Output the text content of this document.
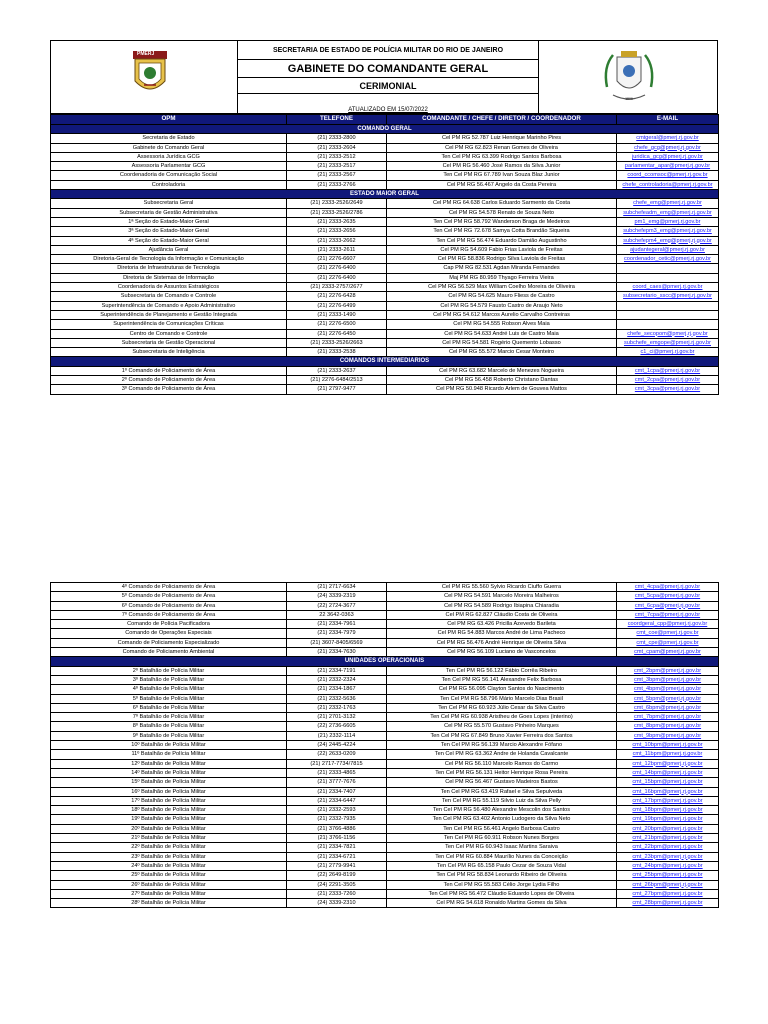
PMERJ
SECRETARIA DE ESTADO DE POLÍCIA MILITAR DO RIO DE JANEIRO
GABINETE DO COMANDANTE GERAL
CERIMONIAL
ATUALIZADO EM 15/07/2022
1809
OPM	TELEFONE	COMANDANTE / CHEFE / DIRETOR / COORDENADOR	E-MAIL
COMANDO GERAL			
Secretaria de Estado	(21) 2333-2800	Cel PM RG 52.787 Luiz Henrique Marinho Pires	cmtgeral@pmerj.rj.gov.br
Gabinete do Comando Geral	(21) 2333-2604	Cel PM RG 62.823 Renan Gomes de Oliveira	chefe_gcg@pmerj.rj.gov.br
Assessoria Jurídica GCG	(21) 2333-2512	Ten Cel PM RG 63.399 Rodrigo Santos Barbosa	juridica_gcg@pmerj.rj.gov.br
Assessoria Parlamentar GCG	(21) 2333-2517	Cel PM RG 56.460 José Ramos da Silva Junior	parlamentar_apar@pmerj.rj.gov.br
Coordenadoria de Comunicação Social	(21) 2333-2567	Ten Cel PM RG 67.789 Ivan Souza Blaz Junior	coord_ccomsoc@pmerj.rj.gov.br
Controladoria	(21) 2333-2766	Cel PM RG 56.467 Angelo da Costa Pereira	chefe_controladoria@pmerj.rj.gov.br
ESTADO MAIOR GERAL			
Subsecretaria Geral	(21) 2333-2526/2649	Cel PM RG 64.638 Carlos Eduardo Sarmento da Costa	chefe_emg@pmerj.rj.gov.br
Subsecretaria de Gestão Administrativa	(21) 2333-2526/2786	Cel PM RG 54.578 Renato de Souza Neto	subchefeadm_emg@pmerj.rj.gov.br
1ª Seção do Estado-Maior Geral	(21) 2333-2635	Ten Cel PM RG 58.792 Wanderson Braga de Medeiros	pm1_emg@pmerj.rj.gov.br
3ª Seção do Estado-Maior Geral	(21) 2333-2656	Ten Cel PM RG 72.678 Samya Cotta Brandão Siqueira	subchefepm3_emg@pmerj.rj.gov.br
4ª Seção do Estado-Maior Geral	(21) 2333-2662	Ten Cel PM RG 56.474 Eduardo Damião Augustinho	subchefepm4_emg@pmerj.rj.gov.br
Ajudância Geral	(21) 2333-2611	Cel PM RG 54.609 Fabio Frias Laviola de Freitas	ajudantegeral@pmerj.rj.gov.br
Diretoria-Geral de Tecnologia da Informação e Comunicação	(21) 2276-6607	Cel PM RG 58.836 Rodrigo Silva Laviola de Freitas	coordenador_cetic@pmerj.rj.gov.br
Diretoria de Infraestruturas de Tecnologia	(21) 2276-6400	Cap PM RG 82.531 Agdan Miranda Fernandes	
Diretoria de Sistemas de Informação	(21) 2276-6400	Maj PM RG 80.959 Thyago Ferreira Vieira	
Coordenadoria de Assuntos Estratégicos	(21) 2333-2757/2677	Cel PM RG 56.529 Max William Coelho Moreira de Oliveira	coord_caes@pmerj.rj.gov.br
Subsecretaria de Comando e Controle	(21) 2276-6428	Cel PM RG 54.625 Mauro Fliess de Castro	subsecretario_sscc@pmerj.rj.gov.br
Superintendência de Comando e Apoio Administrativo	(21) 2276-6499	Cel PM RG 54.579 Fausto Castro de Araujo Neto	
Superintendência de Planejamento e Gestão Integrada	(21) 2333-1490	Cel PM RG 54.612 Marcos Aurelio Carvalho Contreiras	
Superintendência de Comunicações Críticas	(21) 2276-6500	Cel PM RG 54.555 Robson Alves Maia	
Centro de Comando e Controle	(21) 2276-6450	Cel PM RG 54.633 André Luis de Castro Maia	chefe_secopom@pmerj.rj.gov.br
Subsecretaria de Gestão Operacional	(21) 2333-2526/2663	Cel PM RG 54.581 Rogério Quemento Lobasso	subchefe_emgope@pmerj.rj.gov.br
Subsecretaria de Inteligência	(21) 2333-2538	Cel PM RG 55.572 Marcio Cesar Monteiro	c1_ci@pmerj.rj.gov.br
COMANDOS INTERMEDIÁRIOS			
1º Comando de Policiamento de Área	(21) 2333-2637	Cel PM RG 63.682 Marcelo de Menezes Nogueira	cmt_1cpa@pmerj.rj.gov.br
2º Comando de Policiamento de Área	(21) 2276-6484/2513	Cel PM RG 56.458 Roberto Christano Dantas	cmt_2cpa@pmerj.rj.gov.br
3º Comando de Policiamento de Área	(21) 2797-9477	Cel PM RG 50.948 Ricardo Arlem de Gouvea Mattos	cmt_3cpa@pmerj.rj.gov.br
4º Comando de Policiamento de Área	(21) 2717-6634	Cel PM RG 55.560 Sylvio Ricardo Ciuffo Guerra	cmt_4cpa@pmerj.rj.gov.br
5º Comando de Policiamento de Área	(24) 3339-2319	Cel PM RG 54.591 Marcelo Moreira Malheiros	cmt_5cpa@pmerj.rj.gov.br
6º Comando de Policiamento de Área	(22) 2724-3677	Cel PM RG 54.589 Rodrigo Ibiapina Chiaradia	cmt_6cpa@pmerj.rj.gov.br
7º Comando de Policiamento de Área	22 3642-0363	Cel PM RG 62.827 Cláudio Costa de Oliveira	cmt_7cpa@pmerj.rj.gov.br
Comando de Polícia Pacificadora	(21) 2334-7961	Cel PM RG 63.426 Pricilla Azevedo Barileta	coordgeral_cpp@pmerj.rj.gov.br
Comando de Operações Especiais	(21) 2334-7979	Cel PM RG 54.883 Marcos André de Lima Pacheco	cmt_coe@pmerj.rj.gov.br
Comando de Policiamento Especializado	(21) 3607-8405/6569	Cel PM RG 56.476 André Henrique de Oliveira Silva	cmt_cpe@pmerj.rj.gov.br
Comando de Policiamento Ambiental	(21) 2334-7630	Cel PM RG 56.109 Luciano de Vasconcelos	cmt_cpam@pmerj.rj.gov.br
UNIDADES OPERACIONAIS			
2º Batalhão de Polícia Militar	(21) 2334-7191	Ten Cel PM RG 56.122 Fábio Corrêa Ribeiro	cmt_2bpm@pmerj.rj.gov.br
3º Batalhão de Polícia Militar	(21) 2332-2324	Ten Cel PM RG 56.141 Alexandre Felix Barbosa	cmt_3bpm@pmerj.rj.gov.br
4º Batalhão de Polícia Militar	(21) 2334-1867	Cel PM RG 56.095 Clayton Santos do Nascimento	cmt_4bpm@pmerj.rj.gov.br
5º Batalhão de Polícia Militar	(21) 2332-5636	Ten Cel PM RG 58.796 Mário Marcelo Dias Brasil	cmt_5bpm@pmerj.rj.gov.br
6º Batalhão de Polícia Militar	(21) 2332-1763	Ten Cel PM RG 60.923 Júlio Cesar da Silva Castro	cmt_6bpm@pmerj.rj.gov.br
7º Batalhão de Polícia Militar	(21) 2701-3132	Ten Cel PM RG 60.938 Aristheu de Goes Lopes (interino)	cmt_7bpm@pmerj.rj.gov.br
8º Batalhão de Polícia Militar	(22) 2736-6605	Cel PM RG 55.570 Gustavo Pinheiro Marques	cmt_8bpm@pmerj.rj.gov.br
9º Batalhão de Polícia Militar	(21) 2332-1114	Ten Cel PM RG 67.849 Bruno Xavier Ferreira dos Santos	cmt_9bpm@pmerj.rj.gov.br
10º Batalhão de Polícia Militar	(24) 2445-4224	Ten Cel PM RG 56.139 Marcio Alexandre Fófano	cmt_10bpm@pmerj.rj.gov.br
11º Batalhão de Polícia Militar	(22) 2633-0209	Ten Cel PM RG 63.362 Andre de Holanda Cavalcante	cmt_11bpm@pmerj.rj.gov.br
12º Batalhão de Polícia Militar	(21) 2717-7734/7815	Cel PM RG 56.110 Marcelo Ramos do Carmo	cmt_12bpm@pmerj.rj.gov.br
14º Batalhão de Polícia Militar	(21) 2333-4865	Ten Cel PM RG 56.131 Heitor Henrique Rosa Pereira	cmt_14bpm@pmerj.rj.gov.br
15º Batalhão de Polícia Militar	(21) 3777-7676	Cel PM RG 56.467 Gustavo Madeiros Bastos	cmt_15bpm@pmerj.rj.gov.br
16º Batalhão de Polícia Militar	(21) 2334-7407	Ten Cel PM RG 63.419 Rafael e Silva Sepulveda	cmt_16bpm@pmerj.rj.gov.br
17º Batalhão de Polícia Militar	(21) 2334-6447	Ten Cel PM RG 55.119 Silvio Luiz da Silva Pelly	cmt_17bpm@pmerj.rj.gov.br
18º Batalhão de Polícia Militar	(21) 2332-2593	Ten Cel PM RG 56.480 Alexandre Mescolin dos Santos	cmt_18bpm@pmerj.rj.gov.br
19º Batalhão de Polícia Militar	(21) 2332-7935	Ten Cel PM RG 63.402 Antonio Ludogero da Silva Neto	cmt_19bpm@pmerj.rj.gov.br
20º Batalhão de Polícia Militar	(21) 3766-4886	Ten Cel PM RG 56.461 Angelo Barbosa Castro	cmt_20bpm@pmerj.rj.gov.br
21º Batalhão de Polícia Militar	(21) 3766-1156	Ten Cel PM RG 60.911 Robson Nunes Borges	cmt_21bpm@pmerj.rj.gov.br
22º Batalhão de Polícia Militar	(21) 2334-7821	Ten Cel PM RG 60.943 Isaac Martins Saraiva	cmt_22bpm@pmerj.rj.gov.br
23º Batalhão de Polícia Militar	(21) 2334-6721	Ten Cel PM RG 60.884 Maurílio Nunes da Conceição	cmt_23bpm@pmerj.rj.gov.br
24º Batalhão de Polícia Militar	(21) 2779-9941	Ten Cel PM RG 65.158 Paulo Cezar de Souza Vidal	cmt_24bpm@pmerj.rj.gov.br
25º Batalhão de Polícia Militar	(22) 2649-8199	Ten Cel PM RG 58.834 Leonardo Ribeiro de Oliveira	cmt_25bpm@pmerj.rj.gov.br
26º Batalhão de Polícia Militar	(24) 2291-3505	Ten Cel PM RG 55.583 Célio Jorge Lydia Filho	cmt_26bpm@pmerj.rj.gov.br
27º Batalhão de Polícia Militar	(21) 2333-7260	Ten Cel PM RG 56.472 Cláudio Eduardo Lopes de Oliveira	cmt_27bpm@pmerj.rj.gov.br
28º Batalhão de Polícia Militar	(24) 3339-2310	Cel PM RG 54.618 Ronaldo Martins Gomes da Silva	cmt_28bpm@pmerj.rj.gov.br
